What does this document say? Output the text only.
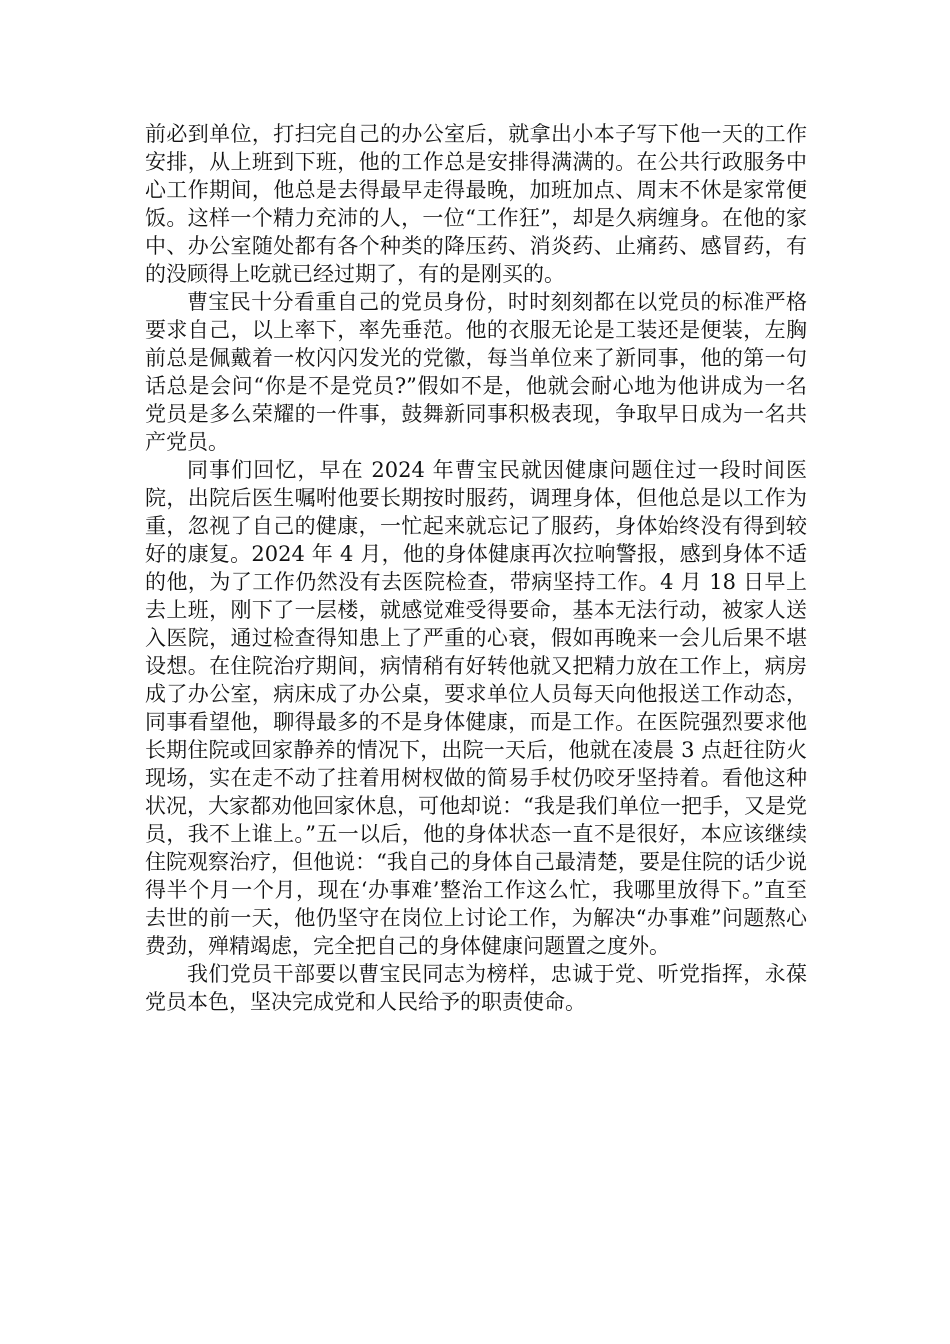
前必到单位，打扫完自己的办公室后，就拿出小本子写下他一天的工作安排，从上班到下班，他的工作总是安排得满满的。在公共行政服务中心工作期间，他总是去得最早走得最晚，加班加点、周末不休是家常便饭。这样一个精力充沛的人，一位“工作狂”，却是久病缠身。在他的家中、办公室随处都有各个种类的降压药、消炎药、止痛药、感冒药，有的没顾得上吃就已经过期了，有的是刚买的。

曹宝民十分看重自己的党员身份，时时刻刻都在以党员的标准严格要求自己，以上率下，率先垂范。他的衣服无论是工装还是便装，左胸前总是佩戴着一枚闪闪发光的党徽，每当单位来了新同事，他的第一句话总是会问“你是不是党员?”假如不是，他就会耐心地为他讲成为一名党员是多么荣耀的一件事，鼓舞新同事积极表现，争取早日成为一名共产党员。

同事们回忆，早在 2024 年曹宝民就因健康问题住过一段时间医院，出院后医生嘱咐他要长期按时服药，调理身体，但他总是以工作为重，忽视了自己的健康，一忙起来就忘记了服药，身体始终没有得到较好的康复。2024 年 4 月，他的身体健康再次拉响警报，感到身体不适的他，为了工作仍然没有去医院检查，带病坚持工作。4 月 18 日早上去上班，刚下了一层楼，就感觉难受得要命，基本无法行动，被家人送入医院，通过检查得知患上了严重的心衰，假如再晚来一会儿后果不堪设想。在住院治疗期间，病情稍有好转他就又把精力放在工作上，病房成了办公室，病床成了办公桌，要求单位人员每天向他报送工作动态，同事看望他，聊得最多的不是身体健康，而是工作。在医院强烈要求他长期住院或回家静养的情况下，出院一天后，他就在凌晨 3 点赶往防火现场，实在走不动了拄着用树杈做的简易手杖仍咬牙坚持着。看他这种状况，大家都劝他回家休息，可他却说：“我是我们单位一把手，又是党员，我不上谁上。”五一以后，他的身体状态一直不是很好，本应该继续住院观察治疗，但他说：“我自己的身体自己最清楚，要是住院的话少说得半个月一个月，现在‘办事难’整治工作这么忙，我哪里放得下。”直至去世的前一天，他仍坚守在岗位上讨论工作，为解决“办事难”问题熬心费劲，殚精竭虑，完全把自己的身体健康问题置之度外。

我们党员干部要以曹宝民同志为榜样，忠诚于党、听党指挥，永葆党员本色，坚决完成党和人民给予的职责使命。
